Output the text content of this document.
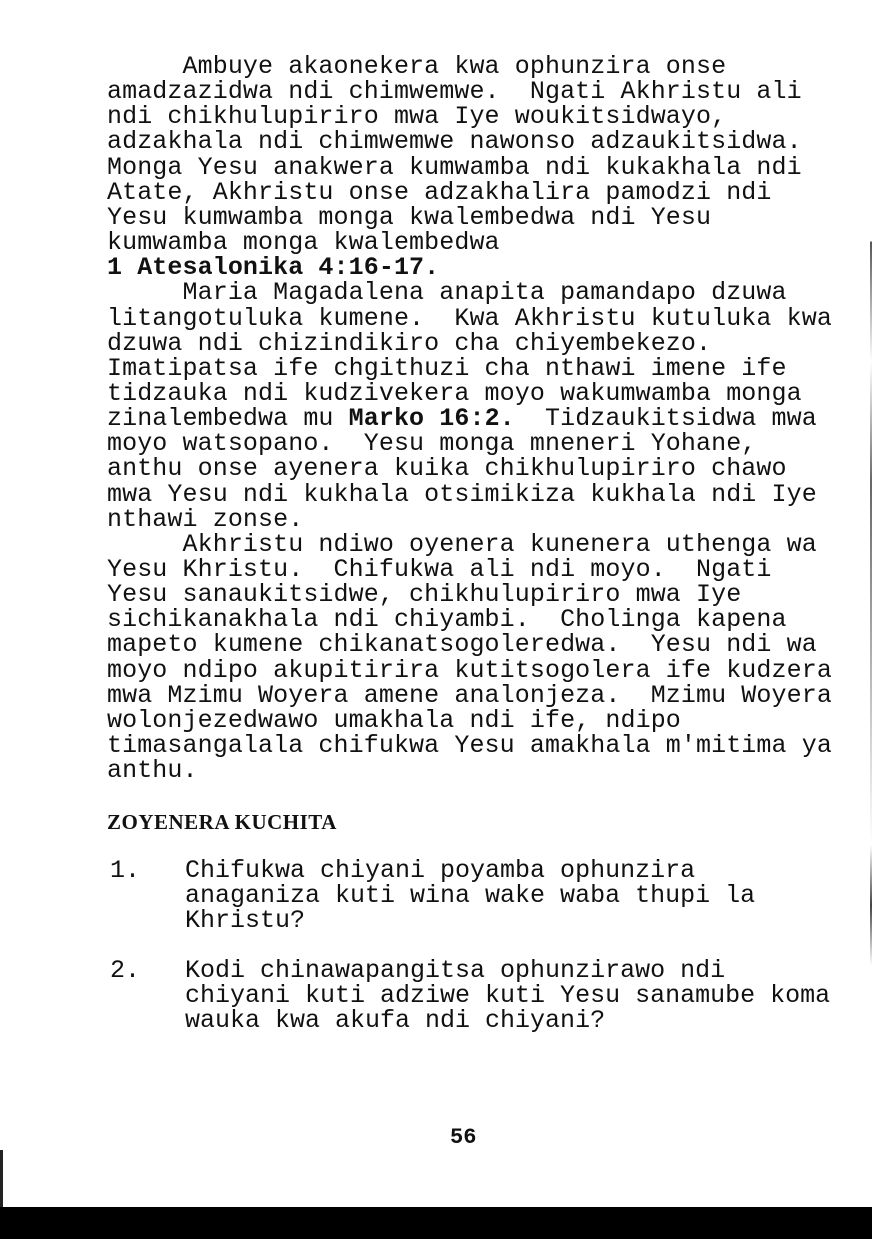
Ambuye akaonekera kwa ophunzira onse
amadzazidwa ndi chimwemwe.  Ngati Akhristu ali
ndi chikhulupiriro mwa Iye woukitsidwayo,
adzakhala ndi chimwemwe nawonso adzaukitsidwa.
Monga Yesu anakwera kumwamba ndi kukakhala ndi
Atate, Akhristu onse adzakhalira pamodzi ndi
Yesu kumwamba monga kwalembedwa ndi Yesu
kumwamba monga kwalembedwa
1 Atesalonika 4:16-17.
Maria Magadalena anapita pamandapo dzuwa
litangotuluka kumene.  Kwa Akhristu kutuluka kwa
dzuwa ndi chizindikiro cha chiyembekezo.
Imatipatsa ife chgithuzi cha nthawi imene ife
tidzauka ndi kudzivekera moyo wakumwamba monga
zinalembedwa mu Marko 16:2.  Tidzaukitsidwa mwa
moyo watsopano.  Yesu monga mneneri Yohane,
anthu onse ayenera kuika chikhulupiriro chawo
mwa Yesu ndi kukhala otsimikiza kukhala ndi Iye
nthawi zonse.
Akhristu ndiwo oyenera kunenera uthenga wa
Yesu Khristu.  Chifukwa ali ndi moyo.  Ngati
Yesu sanaukitsidwe, chikhulupiriro mwa Iye
sichikanakhala ndi chiyambi.  Cholinga kapena
mapeto kumene chikanatsogoleredwa.  Yesu ndi wa
moyo ndipo akupitirira kutitsogolera ife kudzera
mwa Mzimu Woyera amene analonjeza.  Mzimu Woyera
wolonjezedwawo umakhala ndi ife, ndipo
timasangalala chifukwa Yesu amakhala m'mitima ya
anthu.
ZOYENERA KUCHITA
1. Chifukwa chiyani poyamba ophunzira
anaganiza kuti wina wake waba thupi la
Khristu?
2. Kodi chinawapangitsa ophunzirawo ndi
chiyani kuti adziwe kuti Yesu sanamube koma
wauka kwa akufa ndi chiyani?
56
